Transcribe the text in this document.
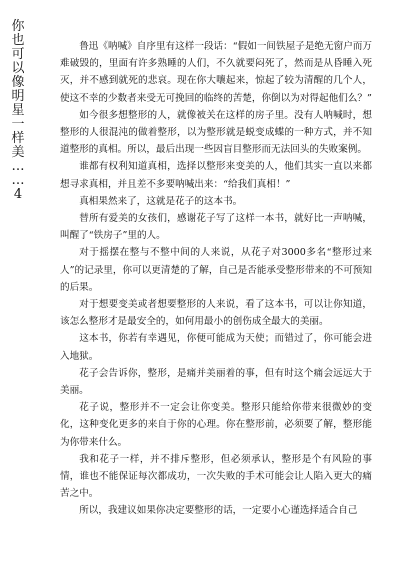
你
也
可
以
像
明
星
一
样
美
…
…
4

鲁迅《呐喊》自序里有这样一段话：“假如一间铁屋子是绝无窗户而万难破毁的，里面有许多熟睡的人们，不久就要闷死了，然而是从昏睡入死灭，并不感到就死的悲哀。现在你大嚷起来，惊起了较为清醒的几个人，使这不幸的少数者来受无可挽回的临终的苦楚，你倒以为对得起他们么？”

如今很多想整形的人，就像被关在这样的房子里。没有人呐喊时，想整形的人很混沌的做着整形，以为整形就是蜕变成蝶的一种方式，并不知道整形的真相。所以，最后出现一些因盲目整形而无法回头的失败案例。

谁都有权利知道真相，选择以整形来变美的人，他们其实一直以来都想寻求真相，并且差不多要呐喊出来：“给我们真相！”

真相果然来了，这就是花子的这本书。

替所有爱美的女孩们，感谢花子写了这样一本书，就好比一声呐喊，叫醒了“铁房子”里的人。

对于摇摆在整与不整中间的人来说，从花子对3000多名“整形过来人”的记录里，你可以更清楚的了解，自己是否能承受整形带来的不可预知的后果。

对于想要变美或者想要整形的人来说，看了这本书，可以让你知道，该怎么整形才是最安全的，如何用最小的创伤成全最大的美丽。

这本书，你若有幸遇见，你便可能成为天使；而错过了，你可能会进入地狱。

花子会告诉你，整形，是痛并美丽着的事，但有时这个痛会远远大于美丽。

花子说，整形并不一定会让你变美。整形只能给你带来很微妙的变化，这种变化更多的来自于你的心理。你在整形前，必须要了解，整形能为你带来什么。

我和花子一样，并不排斥整形，但必须承认，整形是个有风险的事情，谁也不能保证每次都成功，一次失败的手术可能会让人陷入更大的痛苦之中。

所以，我建议如果你决定要整形的话，一定要小心谨选择适合自己
